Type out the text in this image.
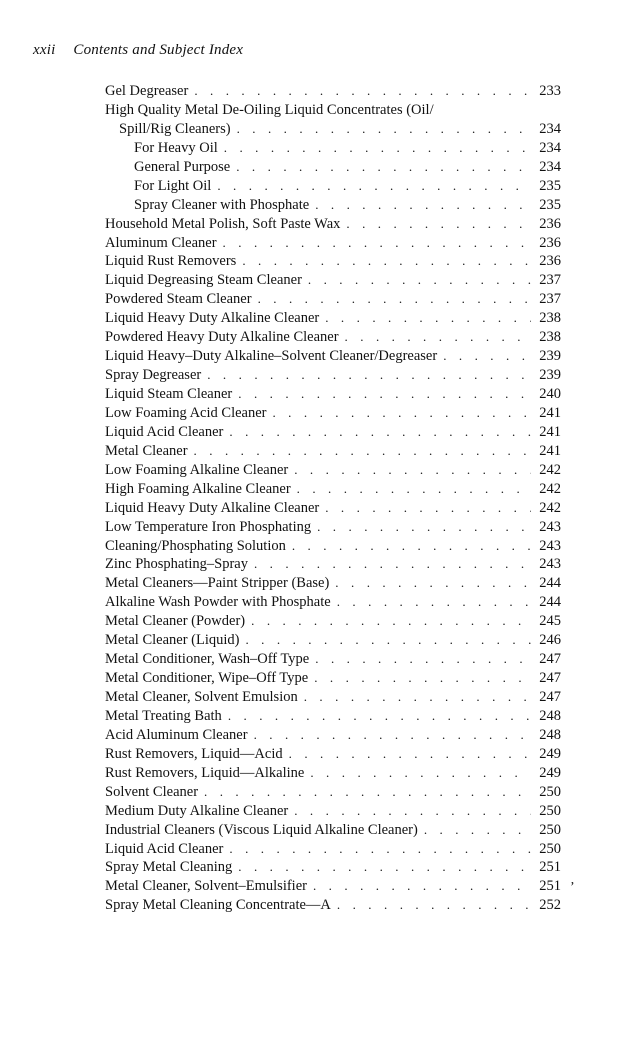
xxii Contents and Subject Index
Gel Degreaser . . .	233
High Quality Metal De-Oiling Liquid Concentrates (Oil/
Spill/Rig Cleaners) . . .	234
For Heavy Oil . . .	234
General Purpose . . .	234
For Light Oil . . .	235
Spray Cleaner with Phosphate . . .	235
Household Metal Polish, Soft Paste Wax . . .	236
Aluminum Cleaner . . .	236
Liquid Rust Removers . . .	236
Liquid Degreasing Steam Cleaner . . .	237
Powdered Steam Cleaner . . .	237
Liquid Heavy Duty Alkaline Cleaner . . .	238
Powdered Heavy Duty Alkaline Cleaner . . .	238
Liquid Heavy–Duty Alkaline–Solvent Cleaner/Degreaser . . .	239
Spray Degreaser . . .	239
Liquid Steam Cleaner . . .	240
Low Foaming Acid Cleaner . . .	241
Liquid Acid Cleaner . . .	241
Metal Cleaner . . .	241
Low Foaming Alkaline Cleaner . . .	242
High Foaming Alkaline Cleaner . . .	242
Liquid Heavy Duty Alkaline Cleaner . . .	242
Low Temperature Iron Phosphating . . .	243
Cleaning/Phosphating Solution . . .	243
Zinc Phosphating–Spray . . .	243
Metal Cleaners—Paint Stripper (Base) . . .	244
Alkaline Wash Powder with Phosphate . . .	244
Metal Cleaner (Powder) . . .	245
Metal Cleaner (Liquid) . . .	246
Metal Conditioner, Wash–Off Type . . .	247
Metal Conditioner, Wipe–Off Type . . .	247
Metal Cleaner, Solvent Emulsion . . .	247
Metal Treating Bath . . .	248
Acid Aluminum Cleaner . . .	248
Rust Removers, Liquid—Acid . . .	249
Rust Removers, Liquid—Alkaline . . .	249
Solvent Cleaner . . .	250
Medium Duty Alkaline Cleaner . . .	250
Industrial Cleaners (Viscous Liquid Alkaline Cleaner) . . .	250
Liquid Acid Cleaner . . .	250
Spray Metal Cleaning . . .	251
Metal Cleaner, Solvent–Emulsifier . . .	251
Spray Metal Cleaning Concentrate—A . . .	252
’
